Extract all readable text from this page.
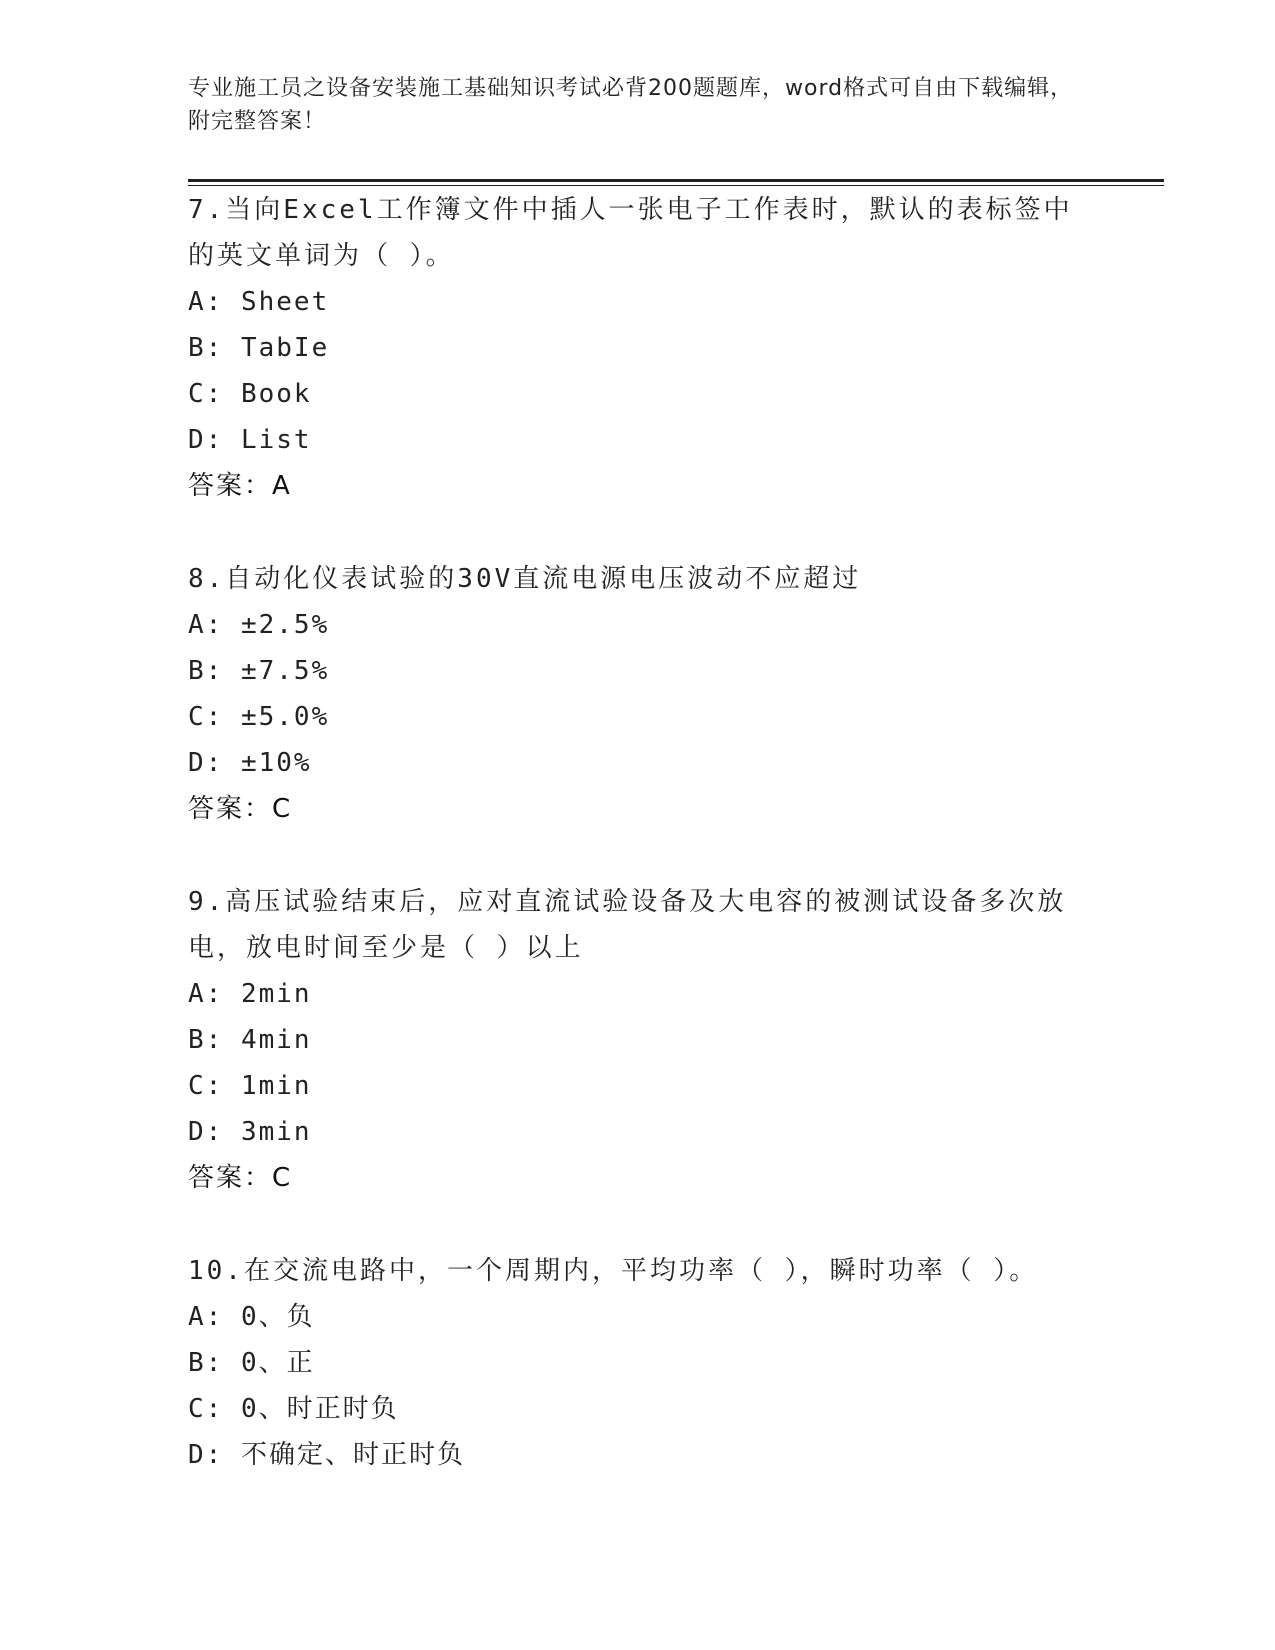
专业施工员之设备安装施工基础知识考试必背200题题库，word格式可自由下载编辑，附完整答案！
7.当向Excel工作簿文件中插人一张电子工作表时，默认的表标签中的英文单词为（ ）。
A: Sheet
B: TabIe
C: Book
D: List
答案：A
8.自动化仪表试验的30V直流电源电压波动不应超过
A: ±2.5%
B: ±7.5%
C: ±5.0%
D: ±10%
答案：C
9.高压试验结束后，应对直流试验设备及大电容的被测试设备多次放电，放电时间至少是（ ）以上
A: 2min
B: 4min
C: 1min
D: 3min
答案：C
10.在交流电路中，一个周期内，平均功率（ ），瞬时功率（ ）。
A: 0、负
B: 0、正
C: 0、时正时负
D: 不确定、时正时负
